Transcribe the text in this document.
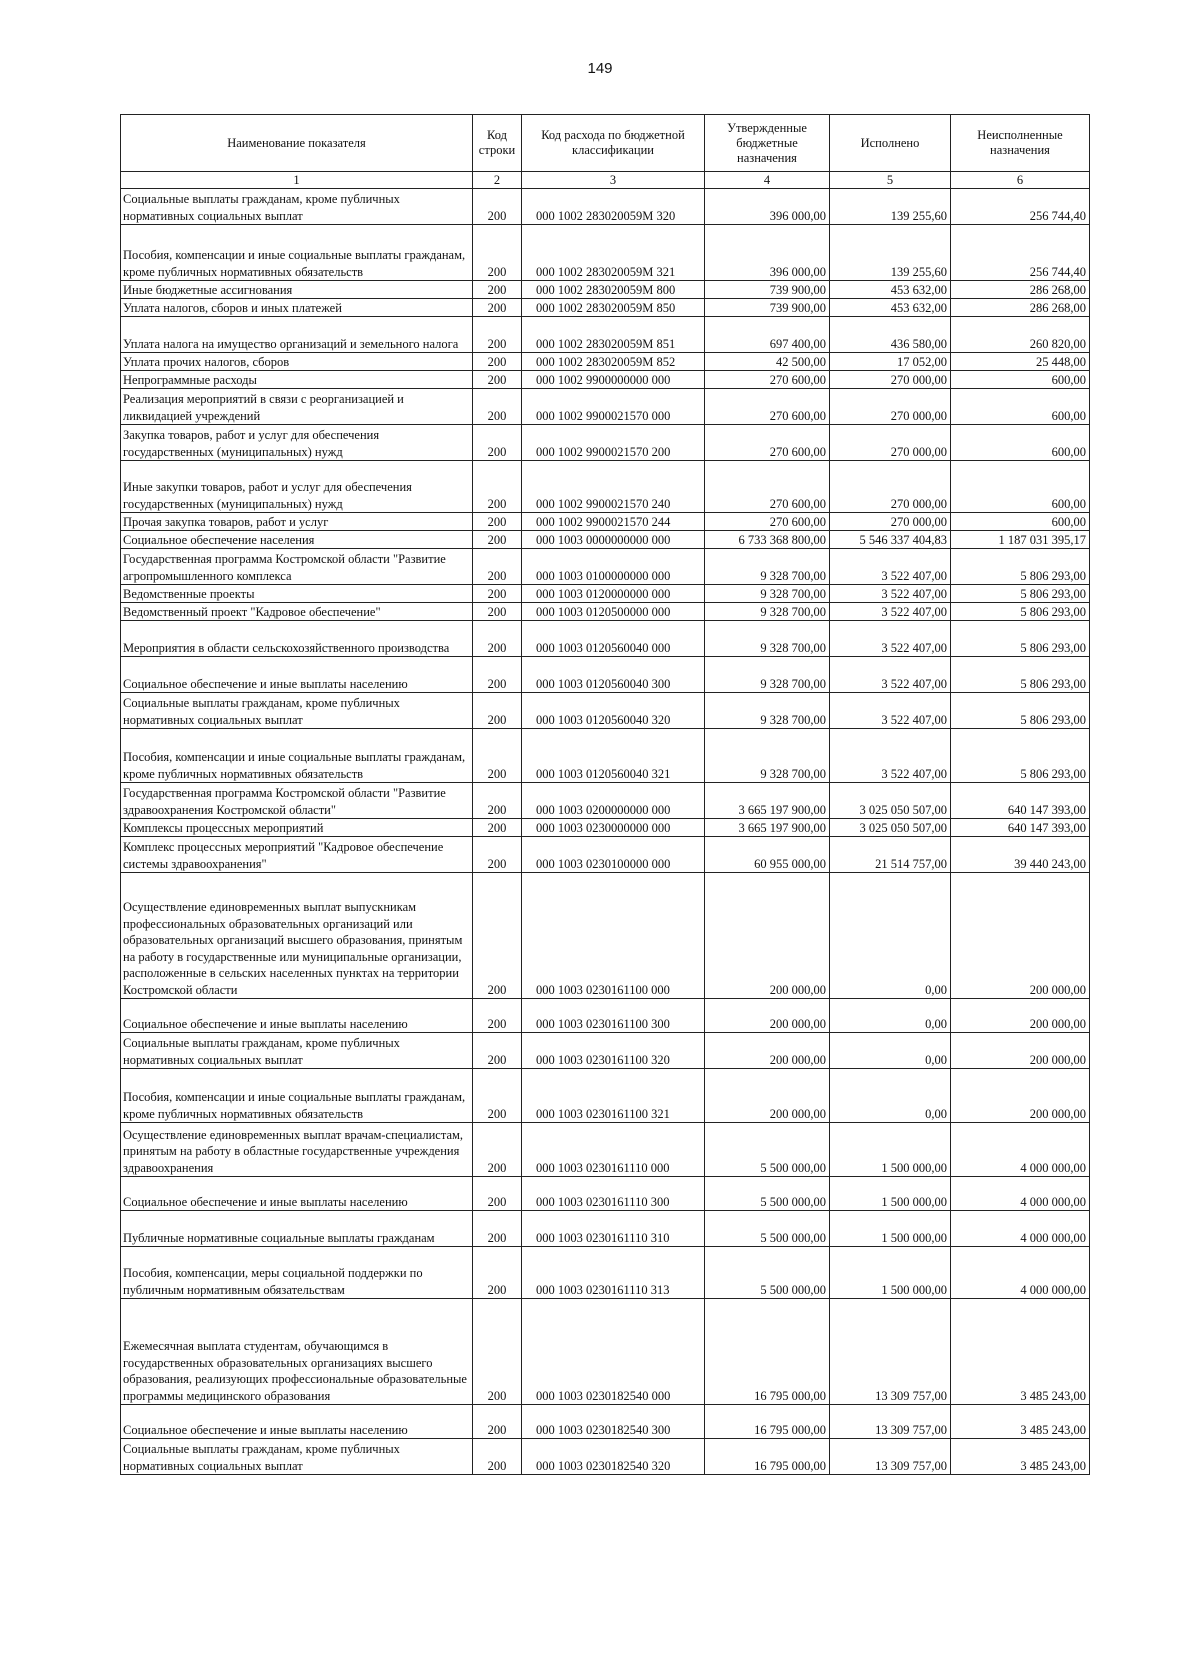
149
Наименование показателя	Код строки	Код расхода по бюджетной классификации	Утвержденные бюджетные назначения	Исполнено	Неисполненные назначения
1	2	3	4	5	6
Социальные выплаты гражданам, кроме публичных нормативных социальных выплат	200	000 1002 283020059M 320	396 000,00	139 255,60	256 744,40
Пособия, компенсации и иные социальные выплаты гражданам, кроме публичных нормативных обязательств	200	000 1002 283020059M 321	396 000,00	139 255,60	256 744,40
Иные бюджетные ассигнования	200	000 1002 283020059M 800	739 900,00	453 632,00	286 268,00
Уплата налогов, сборов и иных платежей	200	000 1002 283020059M 850	739 900,00	453 632,00	286 268,00
Уплата налога на имущество организаций и земельного налога	200	000 1002 283020059M 851	697 400,00	436 580,00	260 820,00
Уплата прочих налогов, сборов	200	000 1002 283020059M 852	42 500,00	17 052,00	25 448,00
Непрограммные расходы	200	000 1002 9900000000 000	270 600,00	270 000,00	600,00
Реализация мероприятий в связи с реорганизацией и ликвидацией учреждений	200	000 1002 9900021570 000	270 600,00	270 000,00	600,00
Закупка товаров, работ и услуг для обеспечения государственных (муниципальных) нужд	200	000 1002 9900021570 200	270 600,00	270 000,00	600,00
Иные закупки товаров, работ и услуг для обеспечения государственных (муниципальных) нужд	200	000 1002 9900021570 240	270 600,00	270 000,00	600,00
Прочая закупка товаров, работ и услуг	200	000 1002 9900021570 244	270 600,00	270 000,00	600,00
Социальное обеспечение населения	200	000 1003 0000000000 000	6 733 368 800,00	5 546 337 404,83	1 187 031 395,17
Государственная программа Костромской области "Развитие агропромышленного комплекса	200	000 1003 0100000000 000	9 328 700,00	3 522 407,00	5 806 293,00
Ведомственные проекты	200	000 1003 0120000000 000	9 328 700,00	3 522 407,00	5 806 293,00
Ведомственный проект "Кадровое обеспечение"	200	000 1003 0120500000 000	9 328 700,00	3 522 407,00	5 806 293,00
Мероприятия в области сельскохозяйственного производства	200	000 1003 0120560040 000	9 328 700,00	3 522 407,00	5 806 293,00
Социальное обеспечение и иные выплаты населению	200	000 1003 0120560040 300	9 328 700,00	3 522 407,00	5 806 293,00
Социальные выплаты гражданам, кроме публичных нормативных социальных выплат	200	000 1003 0120560040 320	9 328 700,00	3 522 407,00	5 806 293,00
Пособия, компенсации и иные социальные выплаты гражданам, кроме публичных нормативных обязательств	200	000 1003 0120560040 321	9 328 700,00	3 522 407,00	5 806 293,00
Государственная программа Костромской области "Развитие здравоохранения Костромской области"	200	000 1003 0200000000 000	3 665 197 900,00	3 025 050 507,00	640 147 393,00
Комплексы процессных мероприятий	200	000 1003 0230000000 000	3 665 197 900,00	3 025 050 507,00	640 147 393,00
Комплекс процессных мероприятий "Кадровое обеспечение системы здравоохранения"	200	000 1003 0230100000 000	60 955 000,00	21 514 757,00	39 440 243,00
Осуществление единовременных выплат выпускникам профессиональных образовательных организаций или образовательных организаций высшего образования, принятым на работу в государственные или муниципальные организации, расположенные в сельских населенных пунктах на территории Костромской области	200	000 1003 0230161100 000	200 000,00	0,00	200 000,00
Социальное обеспечение и иные выплаты населению	200	000 1003 0230161100 300	200 000,00	0,00	200 000,00
Социальные выплаты гражданам, кроме публичных нормативных социальных выплат	200	000 1003 0230161100 320	200 000,00	0,00	200 000,00
Пособия, компенсации и иные социальные выплаты гражданам, кроме публичных нормативных обязательств	200	000 1003 0230161100 321	200 000,00	0,00	200 000,00
Осуществление единовременных выплат врачам-специалистам, принятым на работу в областные государственные учреждения здравоохранения	200	000 1003 0230161110 000	5 500 000,00	1 500 000,00	4 000 000,00
Социальное обеспечение и иные выплаты населению	200	000 1003 0230161110 300	5 500 000,00	1 500 000,00	4 000 000,00
Публичные нормативные социальные выплаты гражданам	200	000 1003 0230161110 310	5 500 000,00	1 500 000,00	4 000 000,00
Пособия, компенсации, меры социальной поддержки по публичным нормативным обязательствам	200	000 1003 0230161110 313	5 500 000,00	1 500 000,00	4 000 000,00
Ежемесячная выплата студентам, обучающимся в государственных образовательных организациях высшего образования, реализующих профессиональные образовательные программы медицинского образования	200	000 1003 0230182540 000	16 795 000,00	13 309 757,00	3 485 243,00
Социальное обеспечение и иные выплаты населению	200	000 1003 0230182540 300	16 795 000,00	13 309 757,00	3 485 243,00
Социальные выплаты гражданам, кроме публичных нормативных социальных выплат	200	000 1003 0230182540 320	16 795 000,00	13 309 757,00	3 485 243,00
